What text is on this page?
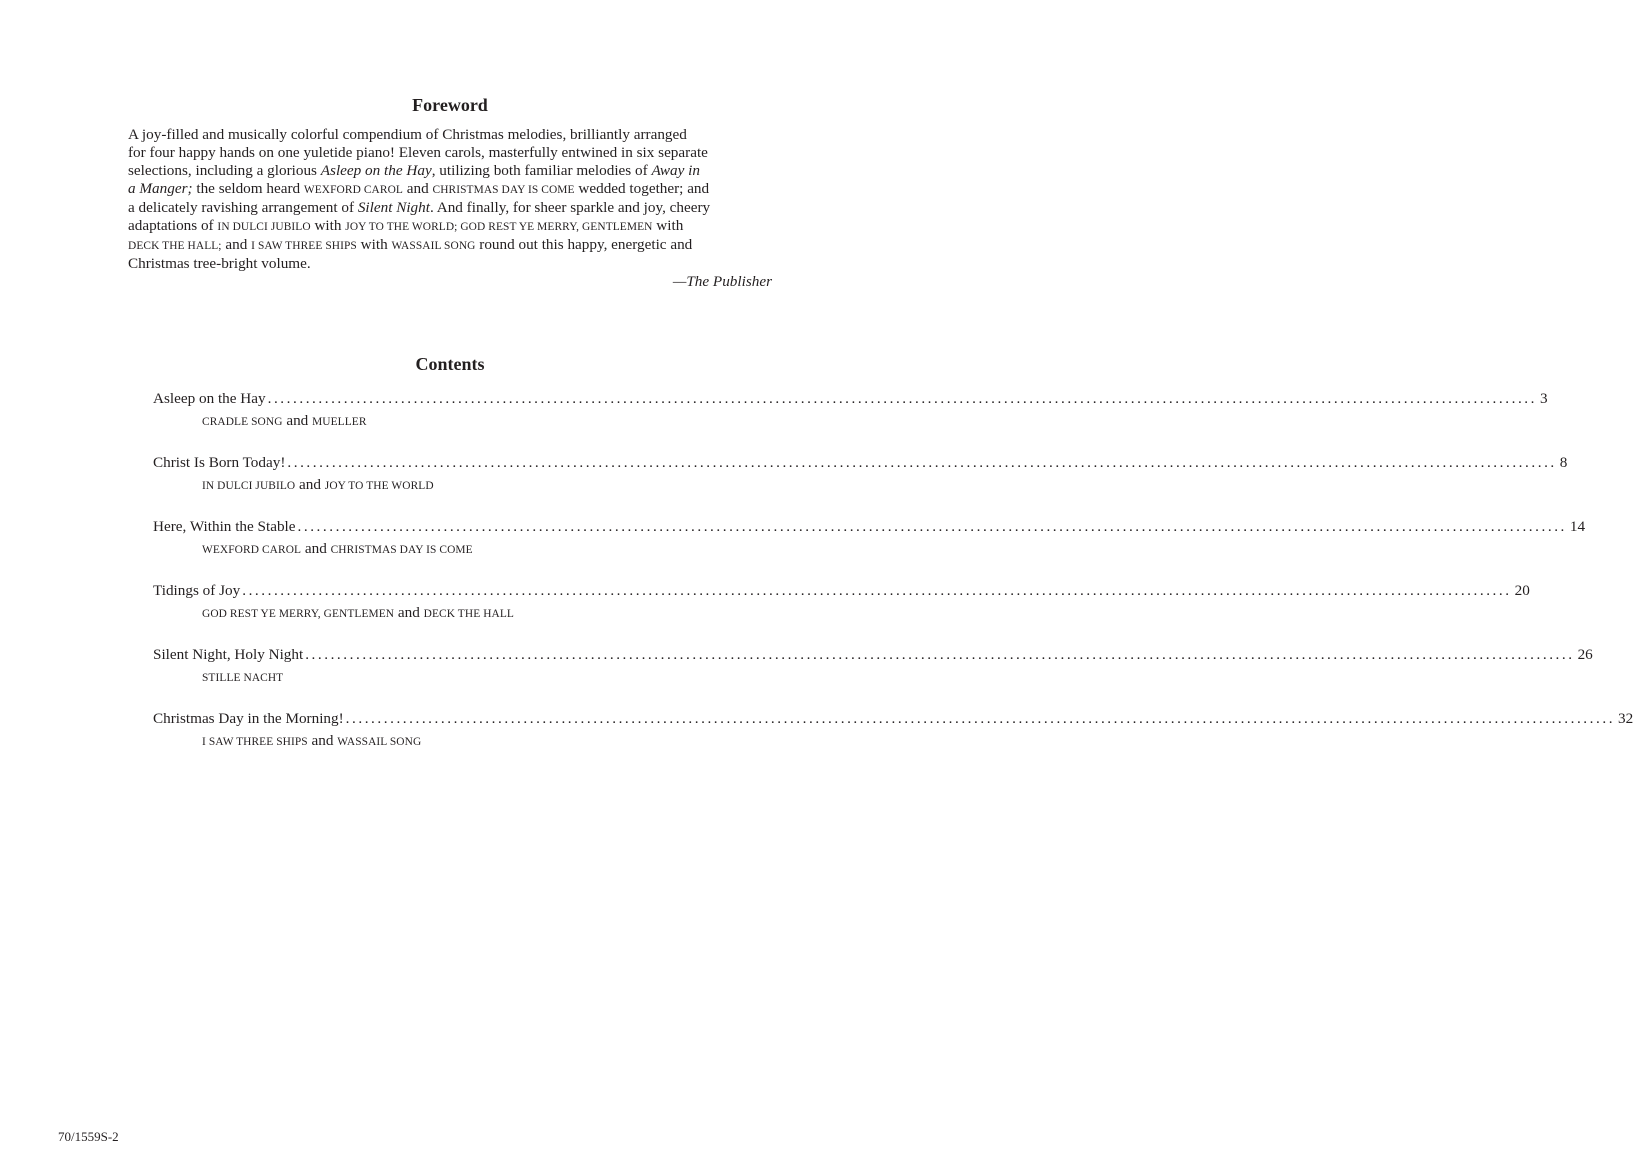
Foreword

A joy-filled and musically colorful compendium of Christmas melodies, brilliantly arranged
for four happy hands on one yuletide piano! Eleven carols, masterfully entwined in six separate
selections, including a glorious Asleep on the Hay, utilizing both familiar melodies of Away in
a Manger; the seldom heard WEXFORD CAROL and CHRISTMAS DAY IS COME wedded together; and
a delicately ravishing arrangement of Silent Night. And finally, for sheer sparkle and joy, cheery
adaptations of IN DULCI JUBILO with JOY TO THE WORLD; GOD REST YE MERRY, GENTLEMEN with
DECK THE HALL; and I SAW THREE SHIPS with WASSAIL SONG round out this happy, energetic and
Christmas tree-bright volume.

—The Publisher

Contents
Asleep on the Hay ........................................................................................................................................................................................................ 3
CRADLE SONG and MUELLER
Christ Is Born Today! ........................................................................................................................................................................................................ 8
IN DULCI JUBILO and JOY TO THE WORLD
Here, Within the Stable ........................................................................................................................................................................................................ 14
WEXFORD CAROL and CHRISTMAS DAY IS COME
Tidings of Joy ........................................................................................................................................................................................................ 20
GOD REST YE MERRY, GENTLEMEN and DECK THE HALL
Silent Night, Holy Night ........................................................................................................................................................................................................ 26
STILLE NACHT
Christmas Day in the Morning! ........................................................................................................................................................................................................ 32
I SAW THREE SHIPS and WASSAIL SONG

70/1559S-2
